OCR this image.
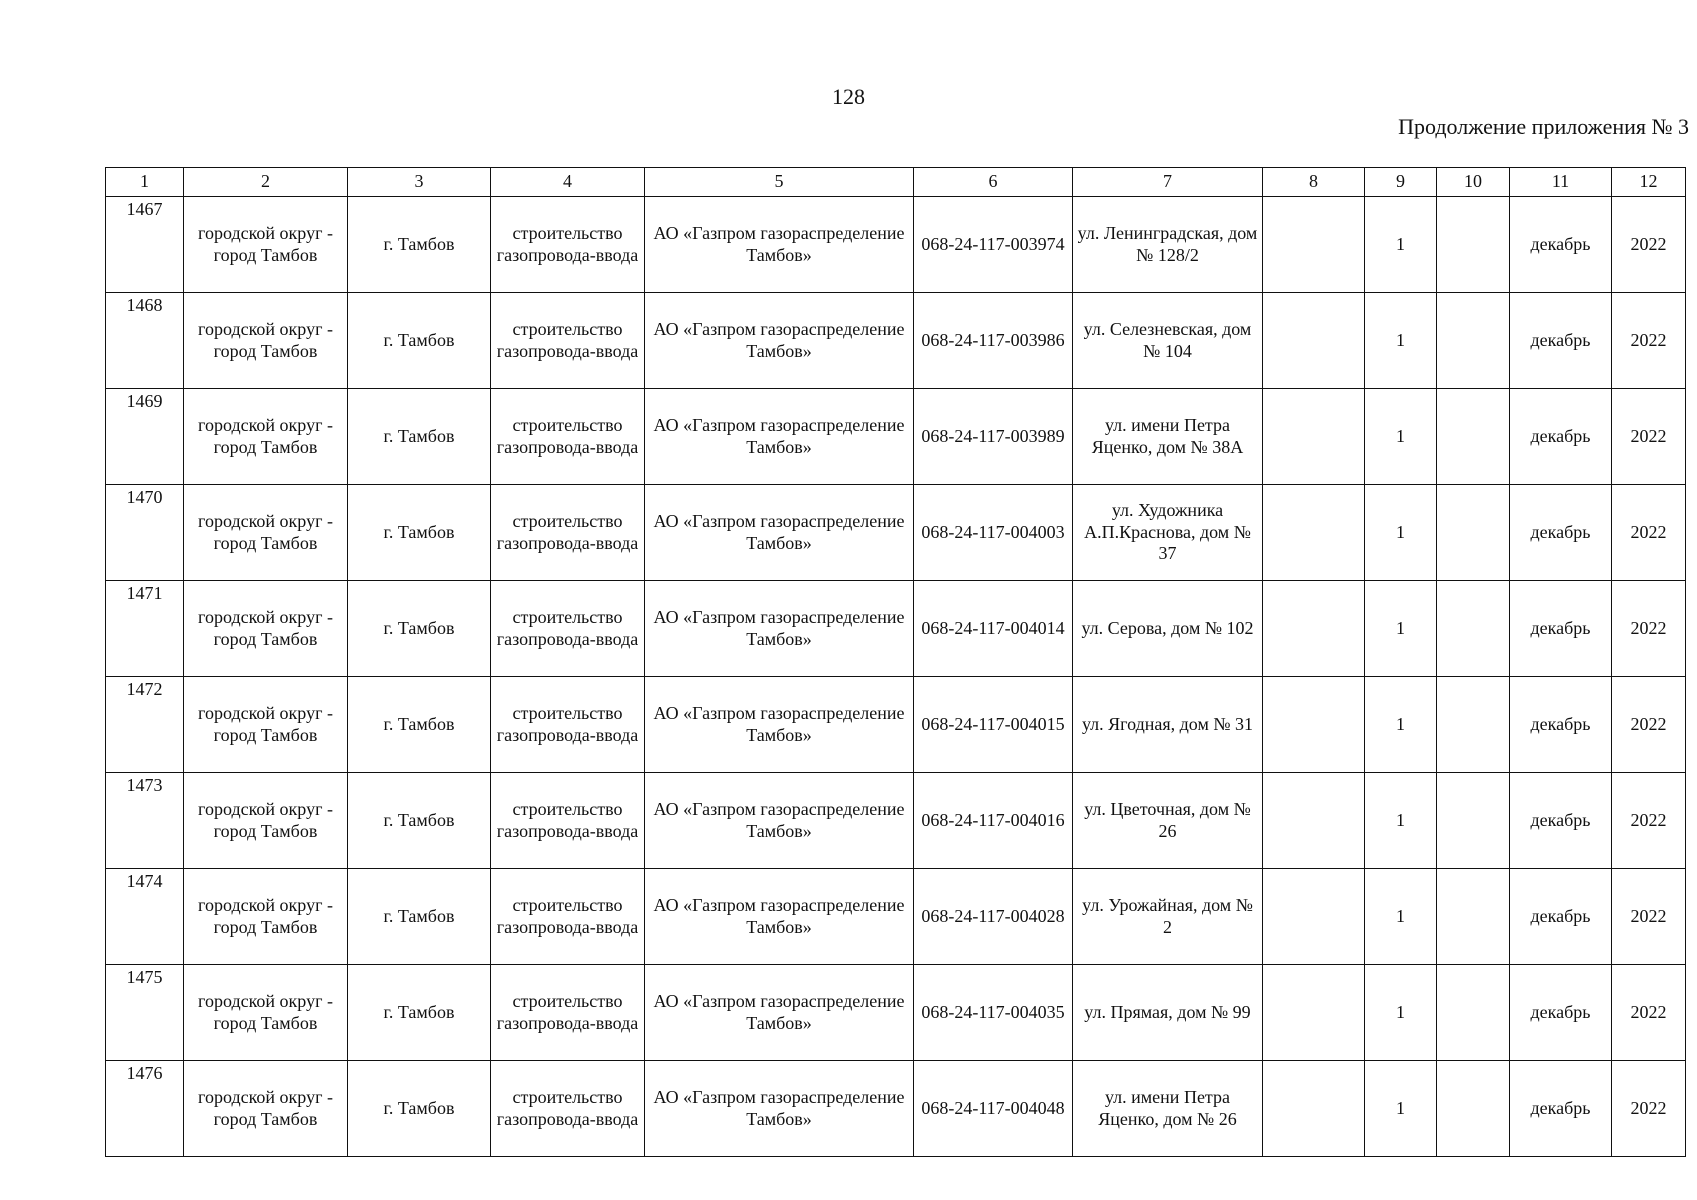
128
Продолжение приложения № 3
1	2	3	4	5	6	7	8	9	10	11	12
1467	городской округ - город Тамбов	г. Тамбов	строительство газопровода-ввода	АО «Газпром газораспределение Тамбов»	068-24-117-003974	ул. Ленинградская, дом № 128/2		1		декабрь	2022
1468	городской округ - город Тамбов	г. Тамбов	строительство газопровода-ввода	АО «Газпром газораспределение Тамбов»	068-24-117-003986	ул. Селезневская, дом № 104		1		декабрь	2022
1469	городской округ - город Тамбов	г. Тамбов	строительство газопровода-ввода	АО «Газпром газораспределение Тамбов»	068-24-117-003989	ул. имени Петра Яценко, дом № 38А		1		декабрь	2022
1470	городской округ - город Тамбов	г. Тамбов	строительство газопровода-ввода	АО «Газпром газораспределение Тамбов»	068-24-117-004003	ул. Художника А.П.Краснова, дом № 37		1		декабрь	2022
1471	городской округ - город Тамбов	г. Тамбов	строительство газопровода-ввода	АО «Газпром газораспределение Тамбов»	068-24-117-004014	ул. Серова, дом № 102		1		декабрь	2022
1472	городской округ - город Тамбов	г. Тамбов	строительство газопровода-ввода	АО «Газпром газораспределение Тамбов»	068-24-117-004015	ул. Ягодная, дом № 31		1		декабрь	2022
1473	городской округ - город Тамбов	г. Тамбов	строительство газопровода-ввода	АО «Газпром газораспределение Тамбов»	068-24-117-004016	ул. Цветочная, дом № 26		1		декабрь	2022
1474	городской округ - город Тамбов	г. Тамбов	строительство газопровода-ввода	АО «Газпром газораспределение Тамбов»	068-24-117-004028	ул. Урожайная, дом № 2		1		декабрь	2022
1475	городской округ - город Тамбов	г. Тамбов	строительство газопровода-ввода	АО «Газпром газораспределение Тамбов»	068-24-117-004035	ул. Прямая, дом № 99		1		декабрь	2022
1476	городской округ - город Тамбов	г. Тамбов	строительство газопровода-ввода	АО «Газпром газораспределение Тамбов»	068-24-117-004048	ул. имени Петра Яценко, дом № 26		1		декабрь	2022
